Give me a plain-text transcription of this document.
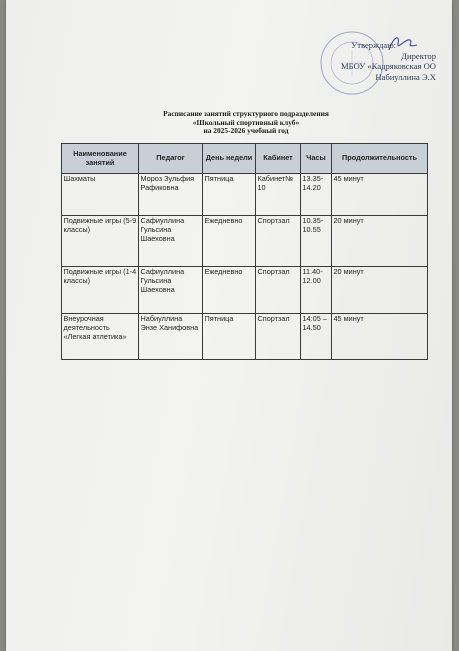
Утверждаю:
Директор
МБОУ «Кадряковская ОО
Набиуллина Э.Х
Расписание занятий структурного подразделения
«Школьный спортивный клуб»
на 2025-2026 учебный год
Наименование занятий	Педагог	День недели	Кабинет	Часы	Продолжительность
Шахматы	Мороз Зульфия Рафиковна	Пятница	Кабинет№ 10	13.35-14.20	45 минут
Подвижные игры (5-9 классы)	Сафиуллина Гульсина Шаеховна	Ежедневно	Спортзал	10.35-10.55	20 минут
Подвижные игры (1-4 классы)	Сафиуллина Гульсина Шаеховна	Ежедневно	Спортзал	11.40-12.00	20 минут
Внеурочная деятельность «Легкая атлетика»	Набиуллина Энзе Ханифовна	Пятница	Спортзал	14:05 – 14.50	45 минут
